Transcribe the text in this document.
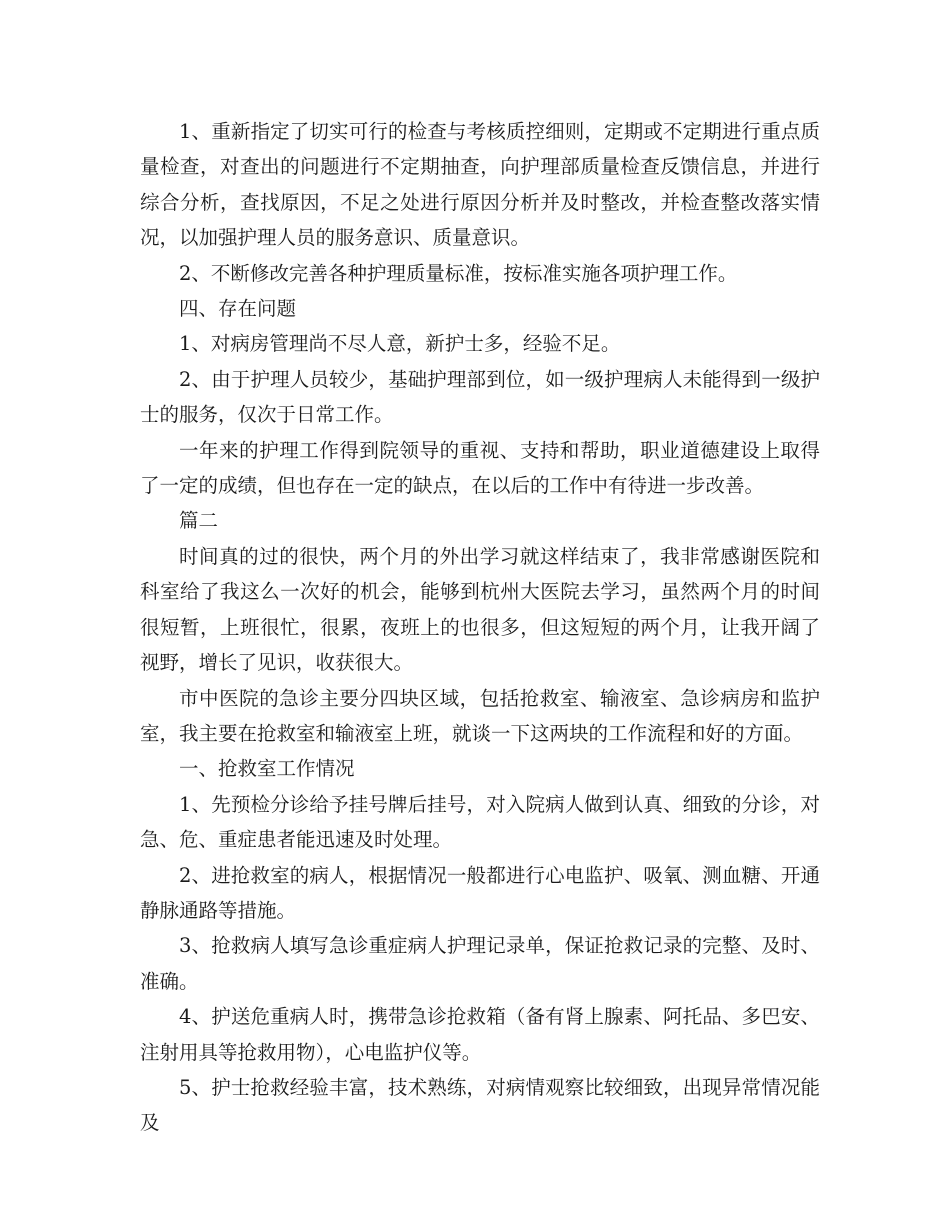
1、重新指定了切实可行的检查与考核质控细则，定期或不定期进行重点质量检查，对查出的问题进行不定期抽查，向护理部质量检查反馈信息，并进行综合分析，查找原因，不足之处进行原因分析并及时整改，并检查整改落实情况，以加强护理人员的服务意识、质量意识。

2、不断修改完善各种护理质量标准，按标准实施各项护理工作。

四、存在问题

1、对病房管理尚不尽人意，新护士多，经验不足。

2、由于护理人员较少，基础护理部到位，如一级护理病人未能得到一级护士的服务，仅次于日常工作。

一年来的护理工作得到院领导的重视、支持和帮助，职业道德建设上取得了一定的成绩，但也存在一定的缺点，在以后的工作中有待进一步改善。

篇二

时间真的过的很快，两个月的外出学习就这样结束了，我非常感谢医院和科室给了我这么一次好的机会，能够到杭州大医院去学习，虽然两个月的时间很短暂，上班很忙，很累，夜班上的也很多，但这短短的两个月，让我开阔了视野，增长了见识，收获很大。

市中医院的急诊主要分四块区域，包括抢救室、输液室、急诊病房和监护室，我主要在抢救室和输液室上班，就谈一下这两块的工作流程和好的方面。

一、抢救室工作情况

1、先预检分诊给予挂号牌后挂号，对入院病人做到认真、细致的分诊，对急、危、重症患者能迅速及时处理。

2、进抢救室的病人，根据情况一般都进行心电监护、吸氧、测血糖、开通静脉通路等措施。

3、抢救病人填写急诊重症病人护理记录单，保证抢救记录的完整、及时、准确。

4、护送危重病人时，携带急诊抢救箱（备有肾上腺素、阿托品、多巴安、注射用具等抢救用物），心电监护仪等。

5、护士抢救经验丰富，技术熟练，对病情观察比较细致，出现异常情况能及
